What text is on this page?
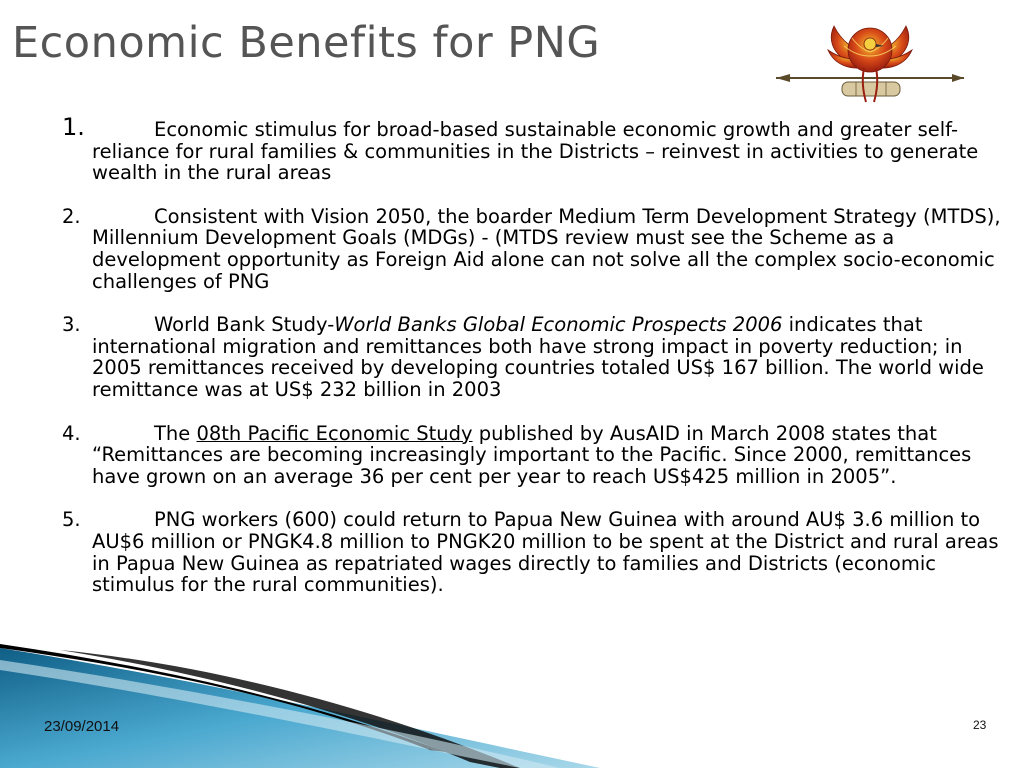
Economic Benefits for PNG
1.	Economic stimulus for broad-based sustainable economic growth and greater self-reliance for rural families & communities in the Districts – reinvest in activities to generate wealth in the rural areas
2.	Consistent with Vision 2050, the boarder Medium Term Development Strategy (MTDS), Millennium Development Goals (MDGs) - (MTDS review must see the Scheme as a development opportunity as Foreign Aid alone can not solve all the complex socio-economic challenges of PNG
3.	World Bank Study-World Banks Global Economic Prospects 2006 indicates that international migration and remittances both have strong impact in poverty reduction; in 2005 remittances received by developing countries totaled US$ 167 billion. The world wide remittance was at US$ 232 billion in 2003
4.	The 08th Pacific Economic Study published by AusAID in March 2008 states that “Remittances are becoming increasingly important to the Pacific. Since 2000, remittances have grown on an average 36 per cent per year to reach US$425 million in 2005”.
5.	PNG workers (600) could return to Papua New Guinea with around AU$ 3.6 million to AU$6 million or PNGK4.8 million to PNGK20 million to be spent at the District and rural areas in Papua New Guinea as repatriated wages directly to families and Districts (economic stimulus for the rural communities).
23/09/2014	23
